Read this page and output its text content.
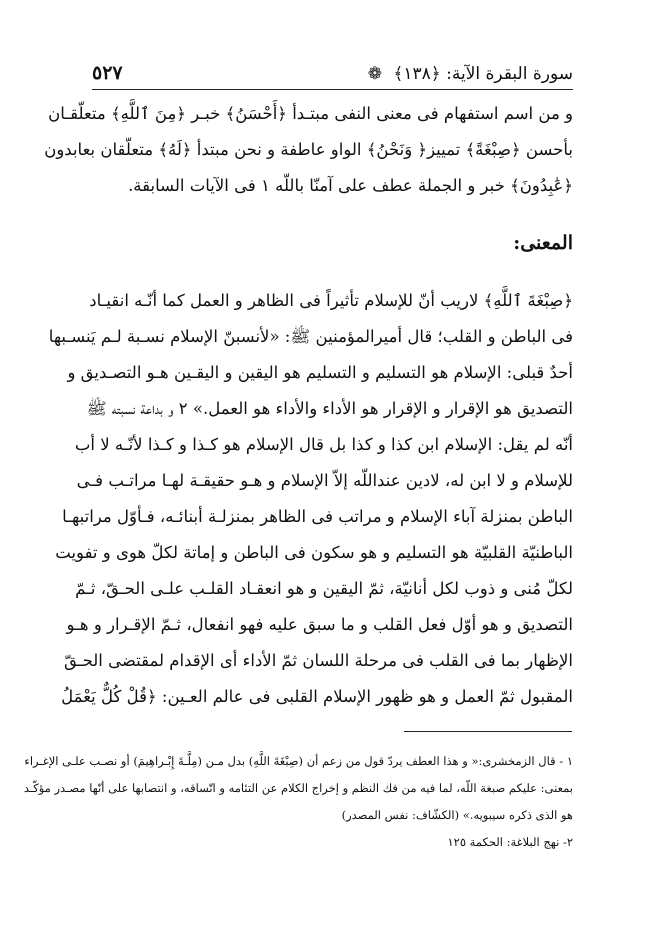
سورة البقرة الآية: ﴿١٣٨﴾ ❁
٥٢٧
و من اسم استفهام فى معنى النفى مبتـدأ ﴿أَحْسَنُ﴾ خبـر ﴿مِنَ ٱللَّهِ﴾ متعلّقـان
بأحسن ﴿صِبْغَةً﴾ تمييز﴿ وَنَحْنُ﴾ الواو عاطفة و نحن مبتدأ ﴿لَهُ﴾ متعلّقان بعابدون
﴿عَٰبِدُونَ﴾ خبر و الجملة عطف على آمنّا باللّه ١ فى الآيات السابقة.
المعنى:
﴿صِبْغَةَ ٱللَّهِ﴾ لاريب أنّ للإسلام تأثيراً فى الظاهر و العمل كما أنّـه انقيـاد
فى الباطن و القلب؛ قال أميرالمؤمنين ﷺ: «لأنسبنّ الإسلام نسـبة لـم يَنسـبها
أحدٌ قبلى: الإسلام هو التسليم و التسليم هو اليقين و اليقـين هـو التصـديق و
التصديق هو الإقرار و الإقرار هو الأداء والأداء هو العمل.» ٢ و بداعة نسبته ﷺ
أنّه لم يقل: الإسلام ابن كذا و كذا بل قال الإسلام هو كـذا و كـذا لأنّـه لا أب
للإسلام و لا ابن له، لادين عنداللّه إلاّ الإسلام و هـو حقيقـة لهـا مراتـب فـى
الباطن بمنزلة آباء الإسلام و مراتب فى الظاهر بمنزلـة أبنائـه، فـأوّل مراتبهـا
الباطنيّة القلبيّة هو التسليم و هو سكون فى الباطن و إماتة لكلّ هوى و تفويت
لكلّ مُنى و ذوب لكل أنانيّة، ثمّ اليقين و هو انعقـاد القلـب علـى الحـقّ، ثـمّ
التصديق و هو أوّل فعل القلب و ما سبق عليه فهو انفعال، ثـمّ الإقـرار و هـو
الإظهار بما فى القلب فى مرحلة اللسان ثمّ الأداء أى الإقدام لمقتضى الحـقّ
المقبول ثمّ العمل و هو ظهور الإسلام القلبى فى عالم العـين: ﴿قُلْ كُلٌّ يَعْمَلُ
١ - قال الزمخشرى:« و هذا العطف يردّ قول من زعم أن (صِبْغَةَ اللَّهِ) بدل مـن (مِلَّـةَ إِبْـراهِيمَ) أو نصـب علـى الإغـراء
بمعنى: عليكم صبغة اللّه، لما فيه من فك النظم و إخراج الكلام عن التئامه و اتّساقه، و انتصابها على أنّها مصـدر مؤكّـد
هو الذى ذكره سيبويه.» (الكشّاف: نفس المصدر)
٢- نهج البلاغة: الحكمة ١٢٥
